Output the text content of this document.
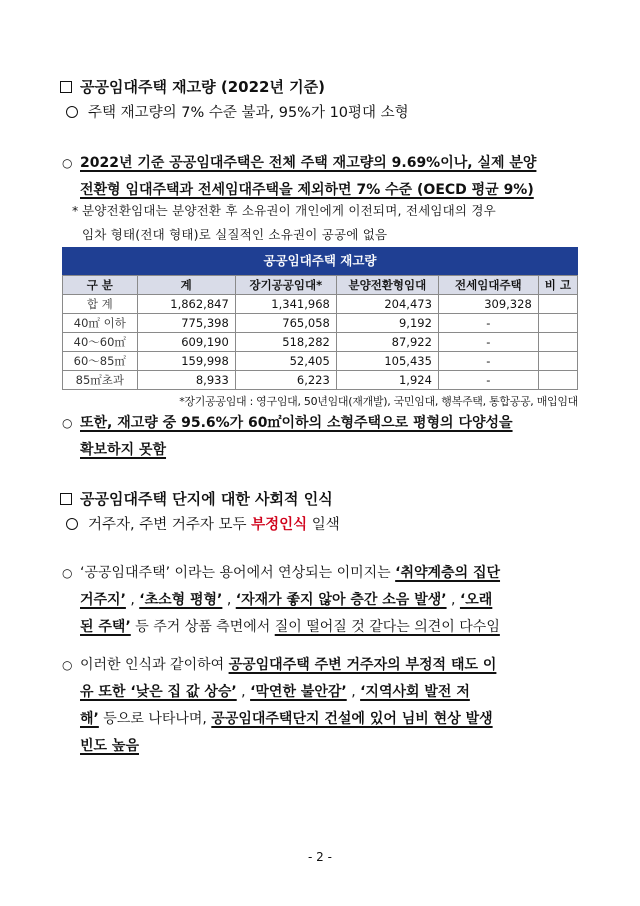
공공임대주택 재고량 (2022년 기준)
주택 재고량의 7% 수준 불과, 95%가 10평대 소형
○ 2022년 기준 공공임대주택은 전체 주택 재고량의 9.69%이나, 실제 분양
전환형 임대주택과 전세임대주택을 제외하면 7% 수준 (OECD 평균 9%)
* 분양전환임대는 분양전환 후 소유권이 개인에게 이전되며, 전세임대의 경우
임차 형태(전대 형태)로 실질적인 소유권이 공공에 없음
공공임대주택 재고량
구 분	계	장기공공임대*	분양전환형임대	전세임대주택	비 고
합 계	1,862,847	1,341,968	204,473	309,328	
40㎡ 이하	775,398	765,058	9,192	-	
40～60㎡	609,190	518,282	87,922	-	
60～85㎡	159,998	52,405	105,435	-	
85㎡초과	8,933	6,223	1,924	-	
*장기공공임대 : 영구임대, 50년임대(재개발), 국민임대, 행복주택, 통합공공, 매입임대
○ 또한, 재고량 중 95.6%가 60㎡이하의 소형주택으로 평형의 다양성을
확보하지 못함
공공임대주택 단지에 대한 사회적 인식
거주자, 주변 거주자 모두 부정인식 일색
○ ‘공공임대주택’ 이라는 용어에서 연상되는 이미지는 ‘취약계층의 집단
거주지’ , ‘초소형 평형’ , ‘자재가 좋지 않아 층간 소음 발생’ , ‘오래
된 주택’ 등 주거 상품 측면에서 질이 떨어질 것 같다는 의견이 다수임
○ 이러한 인식과 같이하여 공공임대주택 주변 거주자의 부정적 태도 이
유 또한 ‘낮은 집 값 상승’ , ‘막연한 불안감’ , ‘지역사회 발전 저
해’ 등으로 나타나며, 공공임대주택단지 건설에 있어 님비 현상 발생
빈도 높음
- 2 -
